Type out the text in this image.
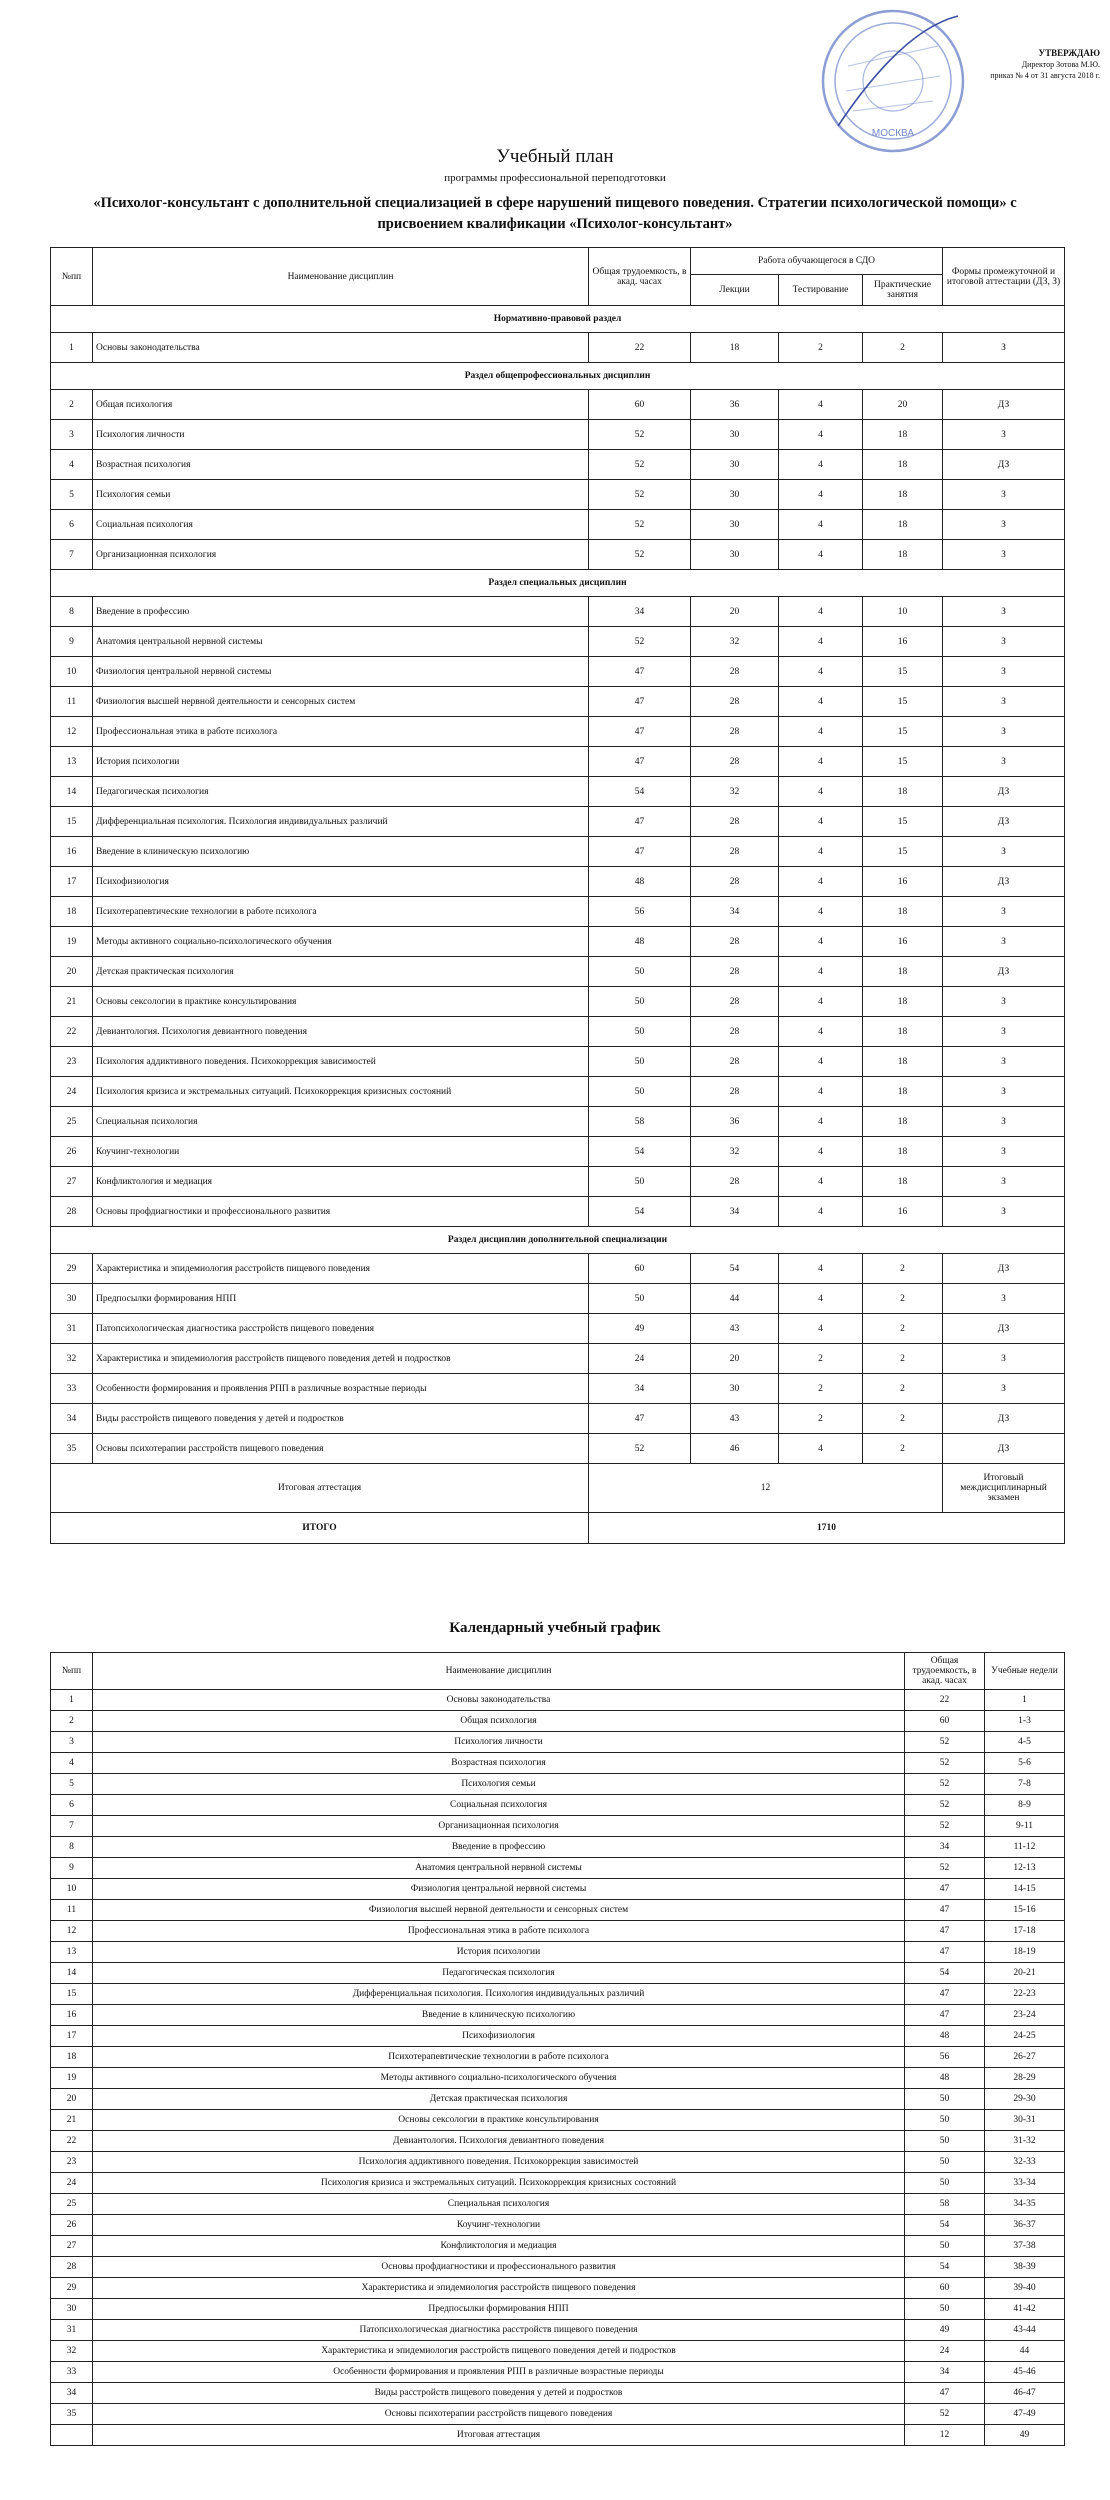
МОСКВА
УТВЕРЖДАЮ
Директор Зотова М.Ю.
приказ № 4 от 31 августа 2018 г.
Учебный план
программы профессиональной переподготовки
«Психолог-консультант с дополнительной специализацией в сфере нарушений пищевого поведения. Стратегии психологической помощи» с присвоением квалификации «Психолог-консультант»
№пп	Наименование дисциплин	Общая трудоемкость, в акад. часах	Работа обучающегося в СДО			Формы промежуточной и итоговой аттестации (ДЗ, З)
			Лекции	Тестирование	Практические занятия	
Нормативно-правовой раздел						
1	Основы законодательства	22	18	2	2	З
Раздел общепрофессиональных дисциплин						
2	Общая психология	60	36	4	20	ДЗ
3	Психология личности	52	30	4	18	З
4	Возрастная психология	52	30	4	18	ДЗ
5	Психология семьи	52	30	4	18	З
6	Социальная психология	52	30	4	18	З
7	Организационная психология	52	30	4	18	З
Раздел специальных дисциплин						
8	Введение в профессию	34	20	4	10	З
9	Анатомия центральной нервной системы	52	32	4	16	З
10	Физиология центральной нервной системы	47	28	4	15	З
11	Физиология высшей нервной деятельности и сенсорных систем	47	28	4	15	З
12	Профессиональная этика в работе психолога	47	28	4	15	З
13	История психологии	47	28	4	15	З
14	Педагогическая психология	54	32	4	18	ДЗ
15	Дифференциальная психология. Психология индивидуальных различий	47	28	4	15	ДЗ
16	Введение в клиническую психологию	47	28	4	15	З
17	Психофизиология	48	28	4	16	ДЗ
18	Психотерапевтические технологии в работе психолога	56	34	4	18	З
19	Методы активного социально-психологического обучения	48	28	4	16	З
20	Детская практическая психология	50	28	4	18	ДЗ
21	Основы сексологии в практике консультирования	50	28	4	18	З
22	Девиантология. Психология девиантного поведения	50	28	4	18	З
23	Психология аддиктивного поведения. Психокоррекция зависимостей	50	28	4	18	З
24	Психология кризиса и экстремальных ситуаций. Психокоррекция кризисных состояний	50	28	4	18	З
25	Специальная психология	58	36	4	18	З
26	Коучинг-технологии	54	32	4	18	З
27	Конфликтология и медиация	50	28	4	18	З
28	Основы профдиагностики и профессионального развития	54	34	4	16	З
Раздел дисциплин дополнительной специализации						
29	Характеристика и эпидемиология расстройств пищевого поведения	60	54	4	2	ДЗ
30	Предпосылки формирования НПП	50	44	4	2	З
31	Патопсихологическая диагностика расстройств пищевого поведения	49	43	4	2	ДЗ
32	Характеристика и эпидемиология расстройств пищевого поведения детей и подростков	24	20	2	2	З
33	Особенности формирования и проявления РПП в различные возрастные периоды	34	30	2	2	З
34	Виды расстройств пищевого поведения у детей и подростков	47	43	2	2	ДЗ
35	Основы психотерапии расстройств пищевого поведения	52	46	4	2	ДЗ
Итоговая аттестация		12				Итоговый междисциплинарный экзамен
ИТОГО		1710				
Календарный учебный график
№пп	Наименование дисциплин	Общая трудоемкость, в акад. часах	Учебные недели
1	Основы законодательства	22	1
2	Общая психология	60	1-3
3	Психология личности	52	4-5
4	Возрастная психология	52	5-6
5	Психология семьи	52	7-8
6	Социальная психология	52	8-9
7	Организационная психология	52	9-11
8	Введение в профессию	34	11-12
9	Анатомия центральной нервной системы	52	12-13
10	Физиология центральной нервной системы	47	14-15
11	Физиология высшей нервной деятельности и сенсорных систем	47	15-16
12	Профессиональная этика в работе психолога	47	17-18
13	История психологии	47	18-19
14	Педагогическая психология	54	20-21
15	Дифференциальная психология. Психология индивидуальных различий	47	22-23
16	Введение в клиническую психологию	47	23-24
17	Психофизиология	48	24-25
18	Психотерапевтические технологии в работе психолога	56	26-27
19	Методы активного социально-психологического обучения	48	28-29
20	Детская практическая психология	50	29-30
21	Основы сексологии в практике консультирования	50	30-31
22	Девиантология. Психология девиантного поведения	50	31-32
23	Психология аддиктивного поведения. Психокоррекция зависимостей	50	32-33
24	Психология кризиса и экстремальных ситуаций. Психокоррекция кризисных состояний	50	33-34
25	Специальная психология	58	34-35
26	Коучинг-технологии	54	36-37
27	Конфликтология и медиация	50	37-38
28	Основы профдиагностики и профессионального развития	54	38-39
29	Характеристика и эпидемиология расстройств пищевого поведения	60	39-40
30	Предпосылки формирования НПП	50	41-42
31	Патопсихологическая диагностика расстройств пищевого поведения	49	43-44
32	Характеристика и эпидемиология расстройств пищевого поведения детей и подростков	24	44
33	Особенности формирования и проявления РПП в различные возрастные периоды	34	45-46
34	Виды расстройств пищевого поведения у детей и подростков	47	46-47
35	Основы психотерапии расстройств пищевого поведения	52	47-49
	Итоговая аттестация	12	49
